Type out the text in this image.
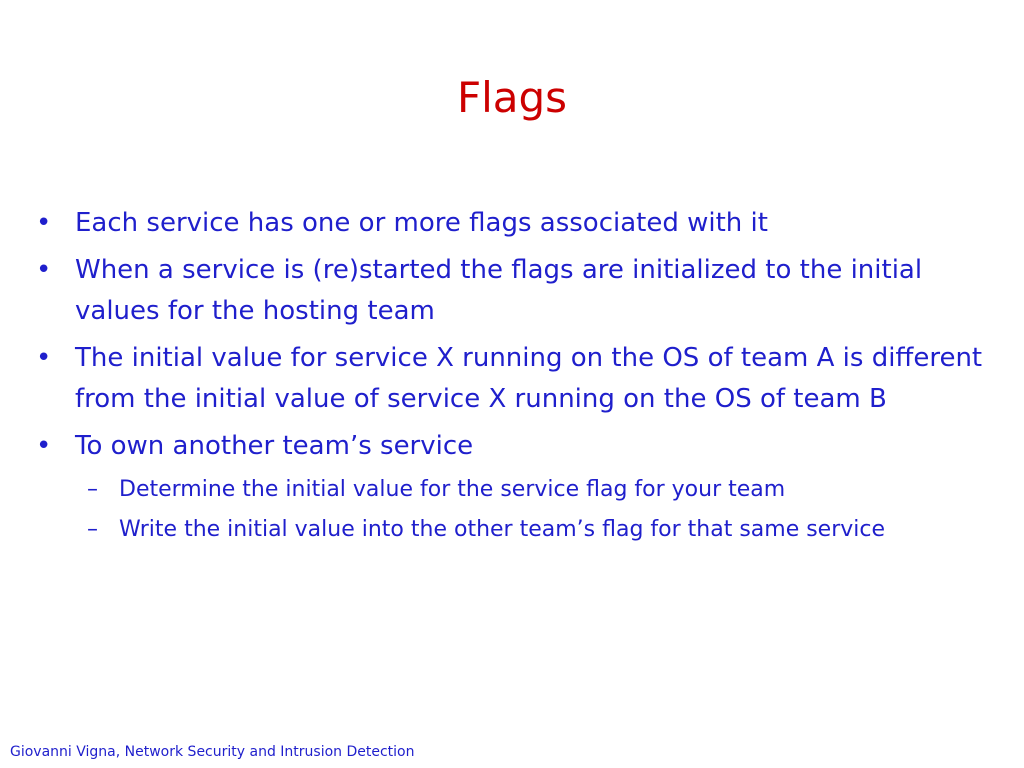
Flags
• Each service has one or more flags associated with it
• When a service is (re)started the flags are initialized to the initial values for the hosting team
• The initial value for service X running on the OS of team A is different from the initial value of service X running on the OS of team B
• To own another team’s service
– Determine the initial value for the service flag for your team
– Write the initial value into the other team’s flag for that same service
Giovanni Vigna, Network Security and Intrusion Detection
